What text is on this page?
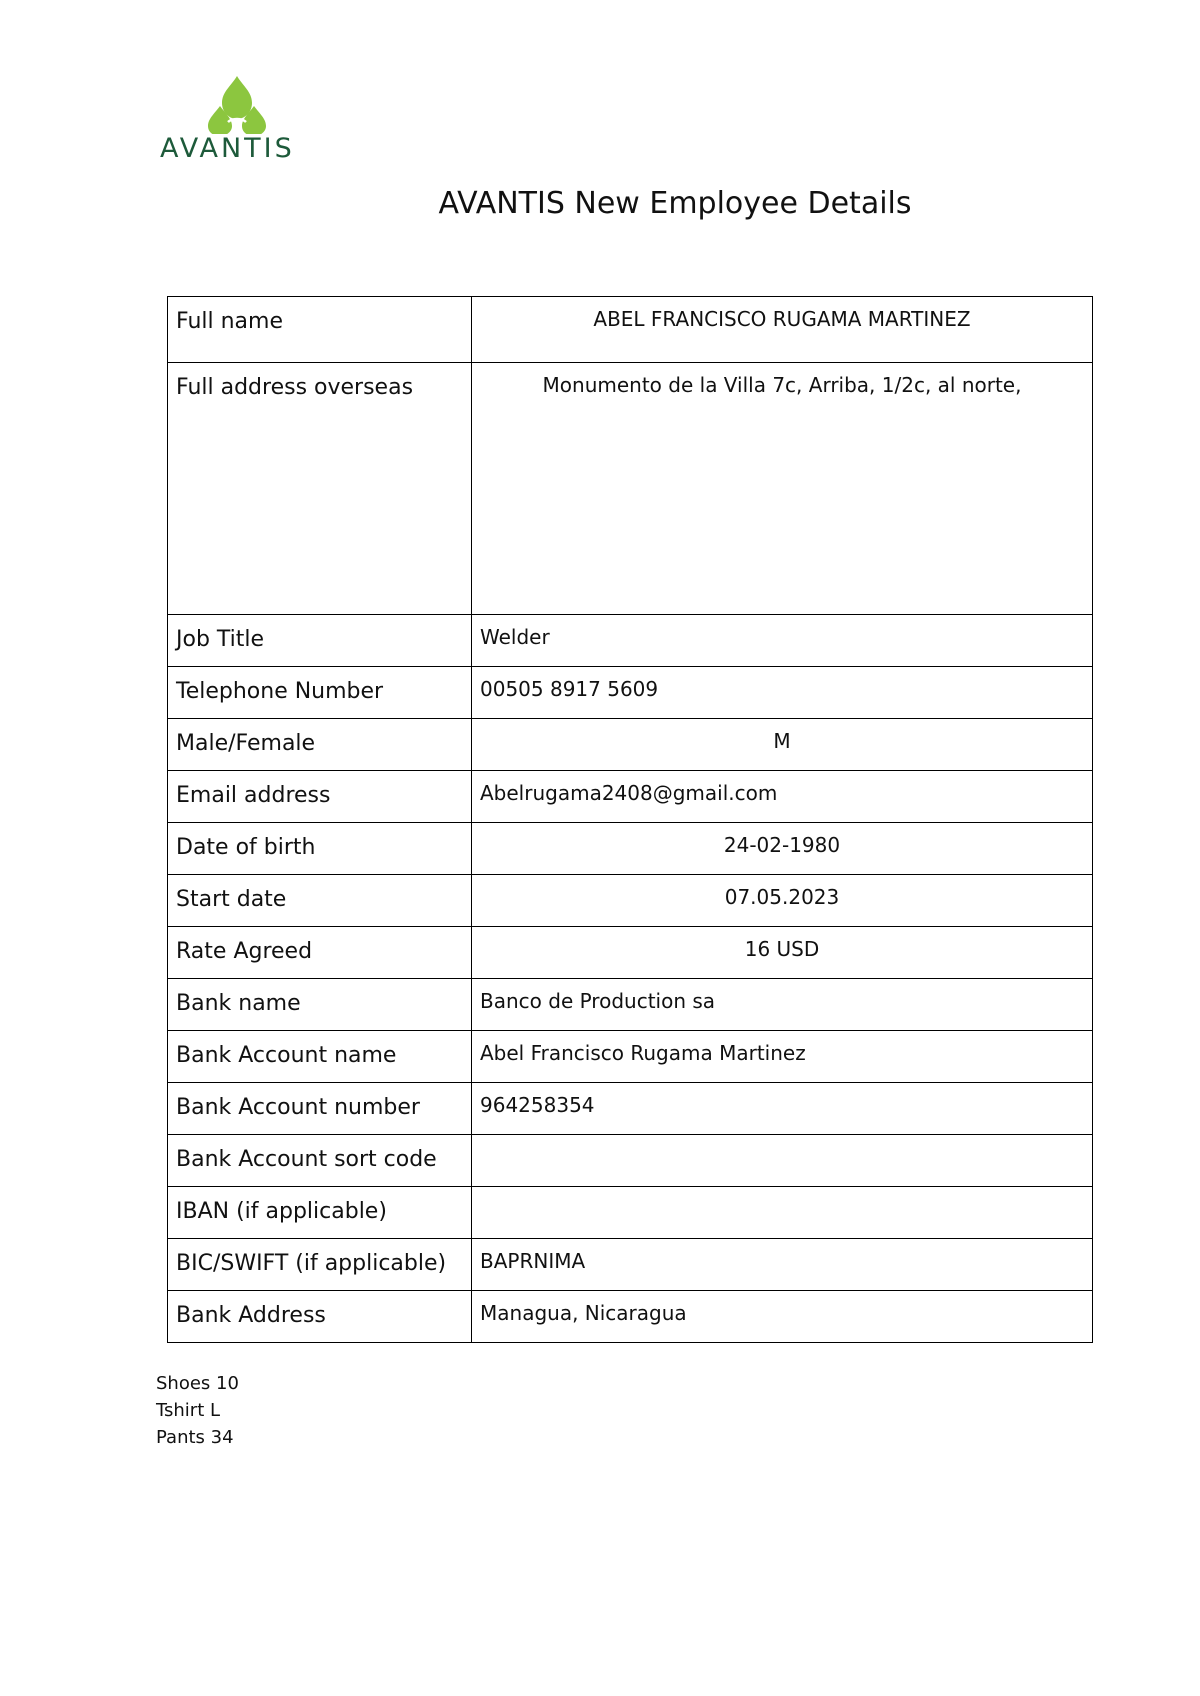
AVANTIS
AVANTIS New Employee Details
Full name	ABEL FRANCISCO RUGAMA MARTINEZ
Full address overseas	Monumento de la Villa 7c, Arriba, 1/2c, al norte,
Job Title	Welder
Telephone Number	00505 8917 5609
Male/Female	M
Email address	Abelrugama2408@gmail.com
Date of birth	24-02-1980
Start date	07.05.2023
Rate Agreed	16 USD
Bank name	Banco de Production sa
Bank Account name	Abel Francisco Rugama Martinez
Bank Account number	964258354
Bank Account sort code	
IBAN (if applicable)	
BIC/SWIFT (if applicable)	BAPRNIMA
Bank Address	Managua, Nicaragua
Shoes 10
Tshirt L
Pants 34
